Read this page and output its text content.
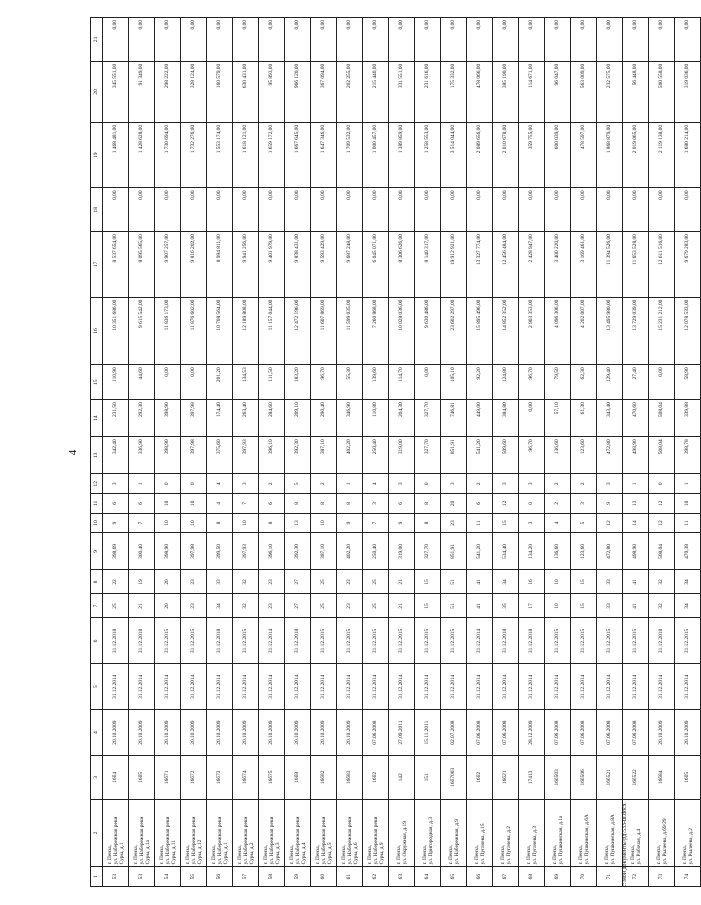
4
1	2	3	4	5	6	7	8	9	10	11	12	13	14	15	16	17	18	19	20	21
53	г. Пенза,
ул. Набережная реки
Суры, д.1	16б4	20.10.2009	31.12.2014	31.12.2018	25	22	398,69	9	6	3	342,40	231,50	110,90	10 351 686,00	8 537 654,00	0,00	1 468 481,00	345 551,00	0,00
53	г. Пенза,
ул. Набережная реки
Суры, д.1а	16б5	20.10.2009	31.12.2014	31.12.2018	21	19	300,40	7	6	1	336,90	292,30	44,60	9 615 542,00	8 095 565,00	0,00	1 428 628,00	91 349,00	0,00
54	г. Пенза,
ул. Набережная реки
Суры, д.11	16б71	20.10.2009	31.12.2014	31.12.2015	20	20	398,90	10	10	0	398,90	398,90	0,00	11 836 173,00	9 907 257,00	0,00	1 730 694,00	298 222,00	0,00
55	г. Пенза,
ул. Набережная реки
Суры, д.12	16б72	20.10.2009	31.12.2014	31.12.2015	23	23	397,98	10	10	0	397,98	397,98	0,00	11 876 602,00	9 816 202,00	0,00	1 732 276,00	328 124,00	0,00
56	г. Пенза,
ул. Набережная реки
Суры, д.1	16б73	20.10.2009	31.12.2014	31.12.2018	34	33	399,50	8	4	4	375,60	174,40	201,20	10 708 564,00	8 994 811,00	0,00	1 553 174,00	160 579,00	0,00
57	г. Пенза,
ул. Набережная реки
Суры, д.2	16б74	20.10.2009	31.12.2014	31.12.2015	32	32	397,93	10	7	3	397,93	263,40	134,53	12 189 808,00	9 941 256,00	0,00	1 618 121,00	630 431,00	0,00
58	г. Пенза,
ул. Набережная реки
Суры, д.3	16б75	20.10.2009	31.12.2014	31.12.2014	23	23	396,10	8	6	2	396,10	284,60	111,50	11 157 044,00	9 401 979,00	0,00	1 659 172,00	95 893,00	0,00
59	г. Пенза,
ул. Набережная реки
Суры, д.4	16б8	20.10.2009	31.12.2014	31.12.2018	27	27	392,30	13	8	5	392,30	209,10	183,20	12 472 196,00	9 838 431,00	0,00	1 667 645,00	966 120,00	0,00
60	г. Пенза,
ул. Набережная реки
Суры, д.5	16б82	20.10.2009	31.12.2014	31.12.2015	25	25	387,10	10	8	2	387,10	290,40	96,70	11 607 869,00	9 593 429,00	0,00	1 647 346,00	367 094,00	0,00
61	г. Пенза,
ул. Набережная реки
Суры, д.6	16б83	20.10.2009	31.12.2014	31.12.2015	23	23	402,20	9	8	1	402,20	346,90	55,30	11 599 035,00	9 687 248,00	0,00	1 709 532,00	202 255,00	0,00
62	г. Пенза,
ул. Набережная реки
Суры, д.9	16б2	07.06.2008	31.12.2014	31.12.2015	25	25	250,40	7	3	4	250,40	110,80	139,60	7 260 868,00	6 045 071,00	0,00	1 000 457,00	215 440,00	0,00
63	г. Пенза,
ул. Окружная, д.19	142	27.09.2011	31.12.2014	31.12.2015	21	21	319,00	9	6	3	319,00	204,30	114,70	10 028 036,00	8 306 626,00	0,00	1 389 859,00	331 551,00	0,00
64	г. Пенза,
ул. Пригородная, д.3	151	15.11.2011	31.12.2014	31.12.2015	15	15	327,70	8	8	0	327,70	327,70	0,00	9 630 486,00	8 140 317,00	0,00	1 258 553,00	231 616,00	0,00
65	г. Пенза,
ул. Набережная, д.9	16б7003	02.07.2008	31.12.2014	31.12.2015	51	51	851,91	23	20	3	851,91	746,81	105,10	23 602 297,00	19 912 921,00	0,00	3 514 044,00	175 332,00	0,00
66	г. Пенза,
ул. Пугачева, д.15	16б2	07.06.2008	31.12.2014	31.12.2014	41	41	541,20	11	6	2	541,20	449,00	92,20	15 895 496,00	13 327 774,00	0,00	2 089 656,00	478 066,00	0,00
67	г. Пенза,
ул. Пугачева, д.2	16б21	07.06.2008	31.12.2014	31.12.2018	35	34	534,40	15	12	3	509,60	384,80	124,80	14 852 352,00	12 456 484,00	0,00	2 010 678,00	385 190,00	0,00
68	г. Пенза,
ул. Пугачева, д.3	17413	28.12.2009	31.12.2014	31.12.2018	17	16	134,20	3	0	3	96,70	0,00	96,70	2 903 353,00	2 428 947,00	0,00	359 755,00	114 671,00	0,00
69	г. Пенза,
ул. Пушкинская, д.1а	16б503	07.06.2008	31.12.2014	31.12.2015	10	10	136,60	4	2	2	136,60	57,10	79,50	4 096 306,00	3 400 220,00	0,00	600 039,00	96 047,00	0,00
70	г. Пенза,
ул. Пушкинская, д.6А	16б506	07.06.2008	31.12.2014	31.12.2015	15	15	123,60	5	3	2	123,60	61,30	62,30	4 202 007,00	3 169 461,00	0,00	478 597,00	563 009,00	0,00
71	г. Пенза,
ул. Пушкинская, д.8А	16б521	07.06.2008	31.12.2014	31.12.2015	33	33	472,80	12	9	3	472,80	343,40	129,40	13 495 980,00	11 394 526,00	0,00	1 868 879,00	232 575,00	0,00
72	г. Пенза,
ул. Рабочая, д.4	16б522	07.06.2008	31.12.2014	31.12.2015	41	41	498,90	14	13	1	498,90	470,60	27,40	13 729 039,00	11 653 528,00	0,00	2 019 065,00	56 448,00	0,00
73	г. Пенза,
ул. Рылеева, д.69/29	16б84	20.10.2009	31.12.2014	31.12.2018	32	32	508,04	12	12	0	508,04	508,04	0,00	15 231 212,00	12 611 516,00	0,00	2 119 138,00	500 558,00	0,00
74	г. Пенза,
ул. Рылеева, д.2	16б5	20.10.2009	31.12.2014	31.12.2015	34	34	470,38	11	10	1	398,78	339,88	58,90	12 078 533,00	9 679 283,00	0,00	1 680 214,00	319 036,00	0,00
c:\мои документы\рд\533-ш.docx
